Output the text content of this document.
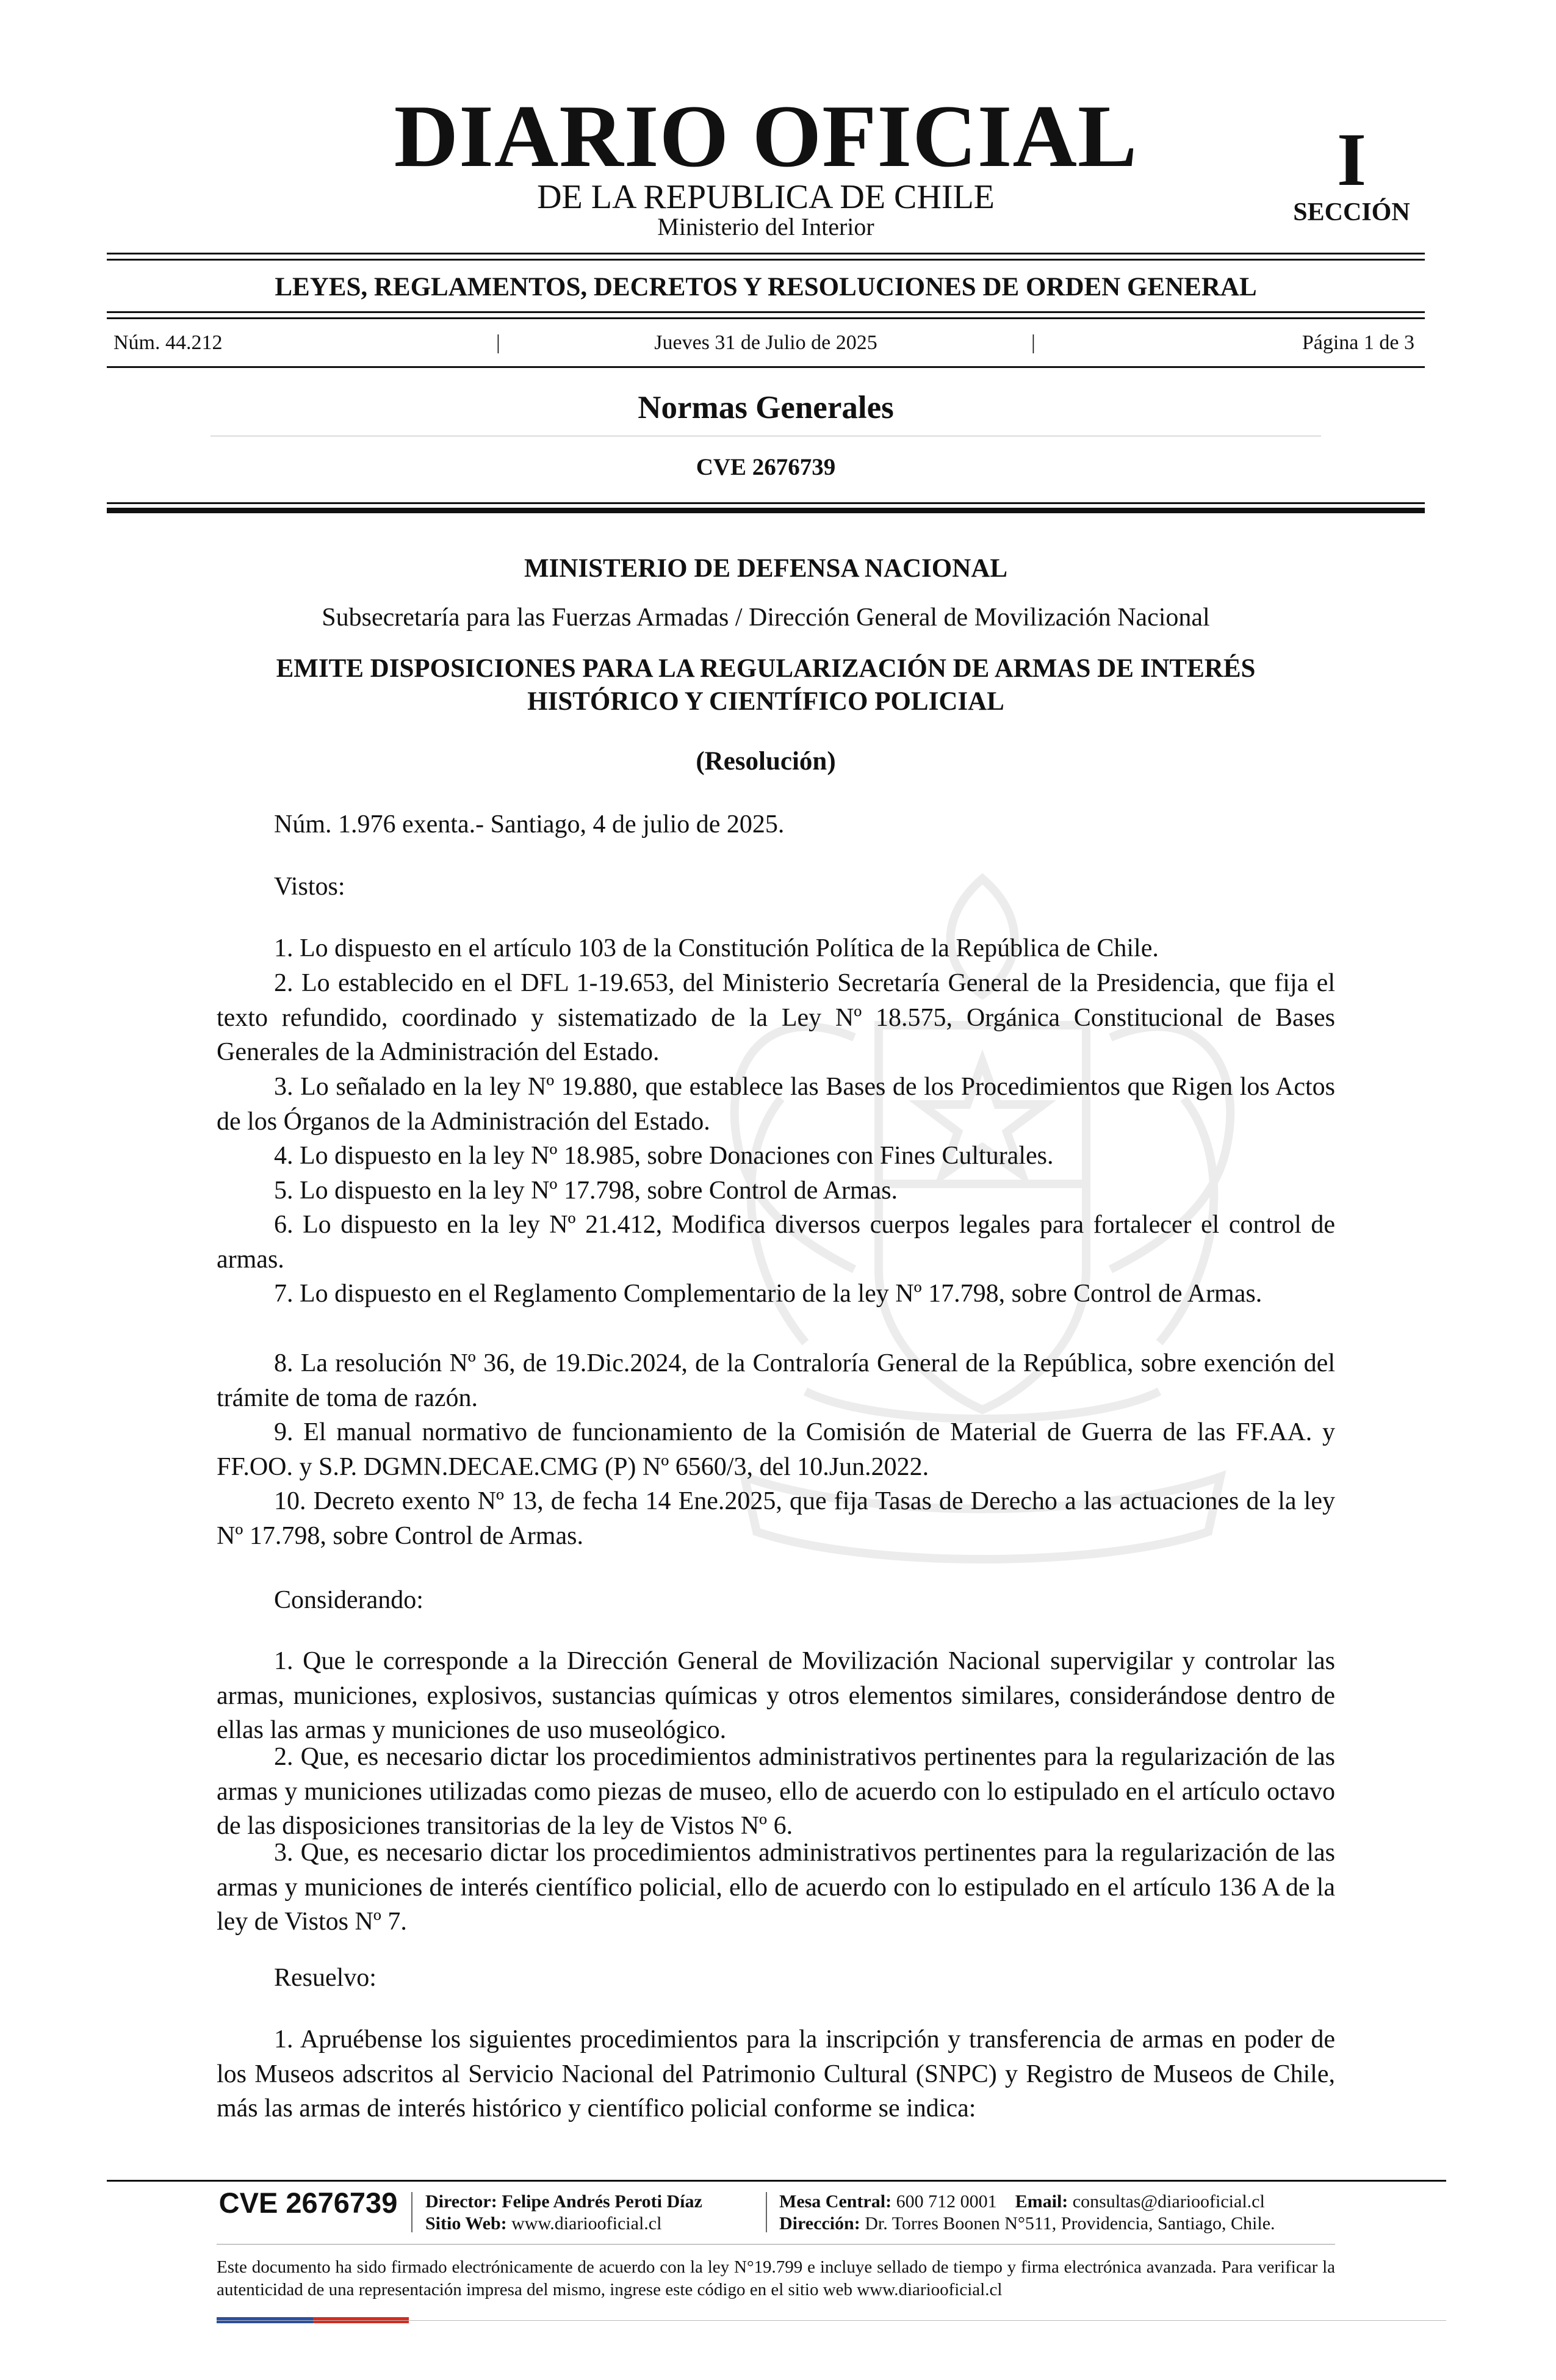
DIARIO OFICIAL
DE LA REPUBLICA DE CHILE
Ministerio del Interior
I
SECCIÓN
LEYES, REGLAMENTOS, DECRETOS Y RESOLUCIONES DE ORDEN GENERAL
Núm. 44.212	|	Jueves 31 de Julio de 2025	|	Página 1 de 3
Normas Generales
CVE 2676739
MINISTERIO DE DEFENSA NACIONAL
Subsecretaría para las Fuerzas Armadas / Dirección General de Movilización Nacional
EMITE DISPOSICIONES PARA LA REGULARIZACIÓN DE ARMAS DE INTERÉS
HISTÓRICO Y CIENTÍFICO POLICIAL
(Resolución)
Núm. 1.976 exenta.- Santiago, 4 de julio de 2025.
Vistos:
1. Lo dispuesto en el artículo 103 de la Constitución Política de la República de Chile.
2. Lo establecido en el DFL 1-19.653, del Ministerio Secretaría General de la Presidencia, que fija el texto refundido, coordinado y sistematizado de la Ley Nº 18.575, Orgánica Constitucional de Bases Generales de la Administración del Estado.
3. Lo señalado en la ley Nº 19.880, que establece las Bases de los Procedimientos que Rigen los Actos de los Órganos de la Administración del Estado.
4. Lo dispuesto en la ley Nº 18.985, sobre Donaciones con Fines Culturales.
5. Lo dispuesto en la ley Nº 17.798, sobre Control de Armas.
6. Lo dispuesto en la ley Nº 21.412, Modifica diversos cuerpos legales para fortalecer el control de armas.
7. Lo dispuesto en el Reglamento Complementario de la ley Nº 17.798, sobre Control de Armas.
8. La resolución Nº 36, de 19.Dic.2024, de la Contraloría General de la República, sobre exención del trámite de toma de razón.
9. El manual normativo de funcionamiento de la Comisión de Material de Guerra de las FF.AA. y FF.OO. y S.P. DGMN.DECAE.CMG (P) Nº 6560/3, del 10.Jun.2022.
10. Decreto exento Nº 13, de fecha 14 Ene.2025, que fija Tasas de Derecho a las actuaciones de la ley Nº 17.798, sobre Control de Armas.
Considerando:
1. Que le corresponde a la Dirección General de Movilización Nacional supervigilar y controlar las armas, municiones, explosivos, sustancias químicas y otros elementos similares, considerándose dentro de ellas las armas y municiones de uso museológico.
2. Que, es necesario dictar los procedimientos administrativos pertinentes para la regularización de las armas y municiones utilizadas como piezas de museo, ello de acuerdo con lo estipulado en el artículo octavo de las disposiciones transitorias de la ley de Vistos Nº 6.
3. Que, es necesario dictar los procedimientos administrativos pertinentes para la regularización de las armas y municiones de interés científico policial, ello de acuerdo con lo estipulado en el artículo 136 A de la ley de Vistos Nº 7.
Resuelvo:
1. Apruébense los siguientes procedimientos para la inscripción y transferencia de armas en poder de los Museos adscritos al Servicio Nacional del Patrimonio Cultural (SNPC) y Registro de Museos de Chile, más las armas de interés histórico y científico policial conforme se indica:
CVE 2676739	Director: Felipe Andrés Peroti Díaz
Sitio Web: www.diariooficial.cl
Mesa Central: 600 712 0001 Email: consultas@diariooficial.cl
Dirección: Dr. Torres Boonen N°511, Providencia, Santiago, Chile.
Este documento ha sido firmado electrónicamente de acuerdo con la ley N°19.799 e incluye sellado de tiempo y firma electrónica avanzada. Para verificar la autenticidad de una representación impresa del mismo, ingrese este código en el sitio web www.diariooficial.cl
